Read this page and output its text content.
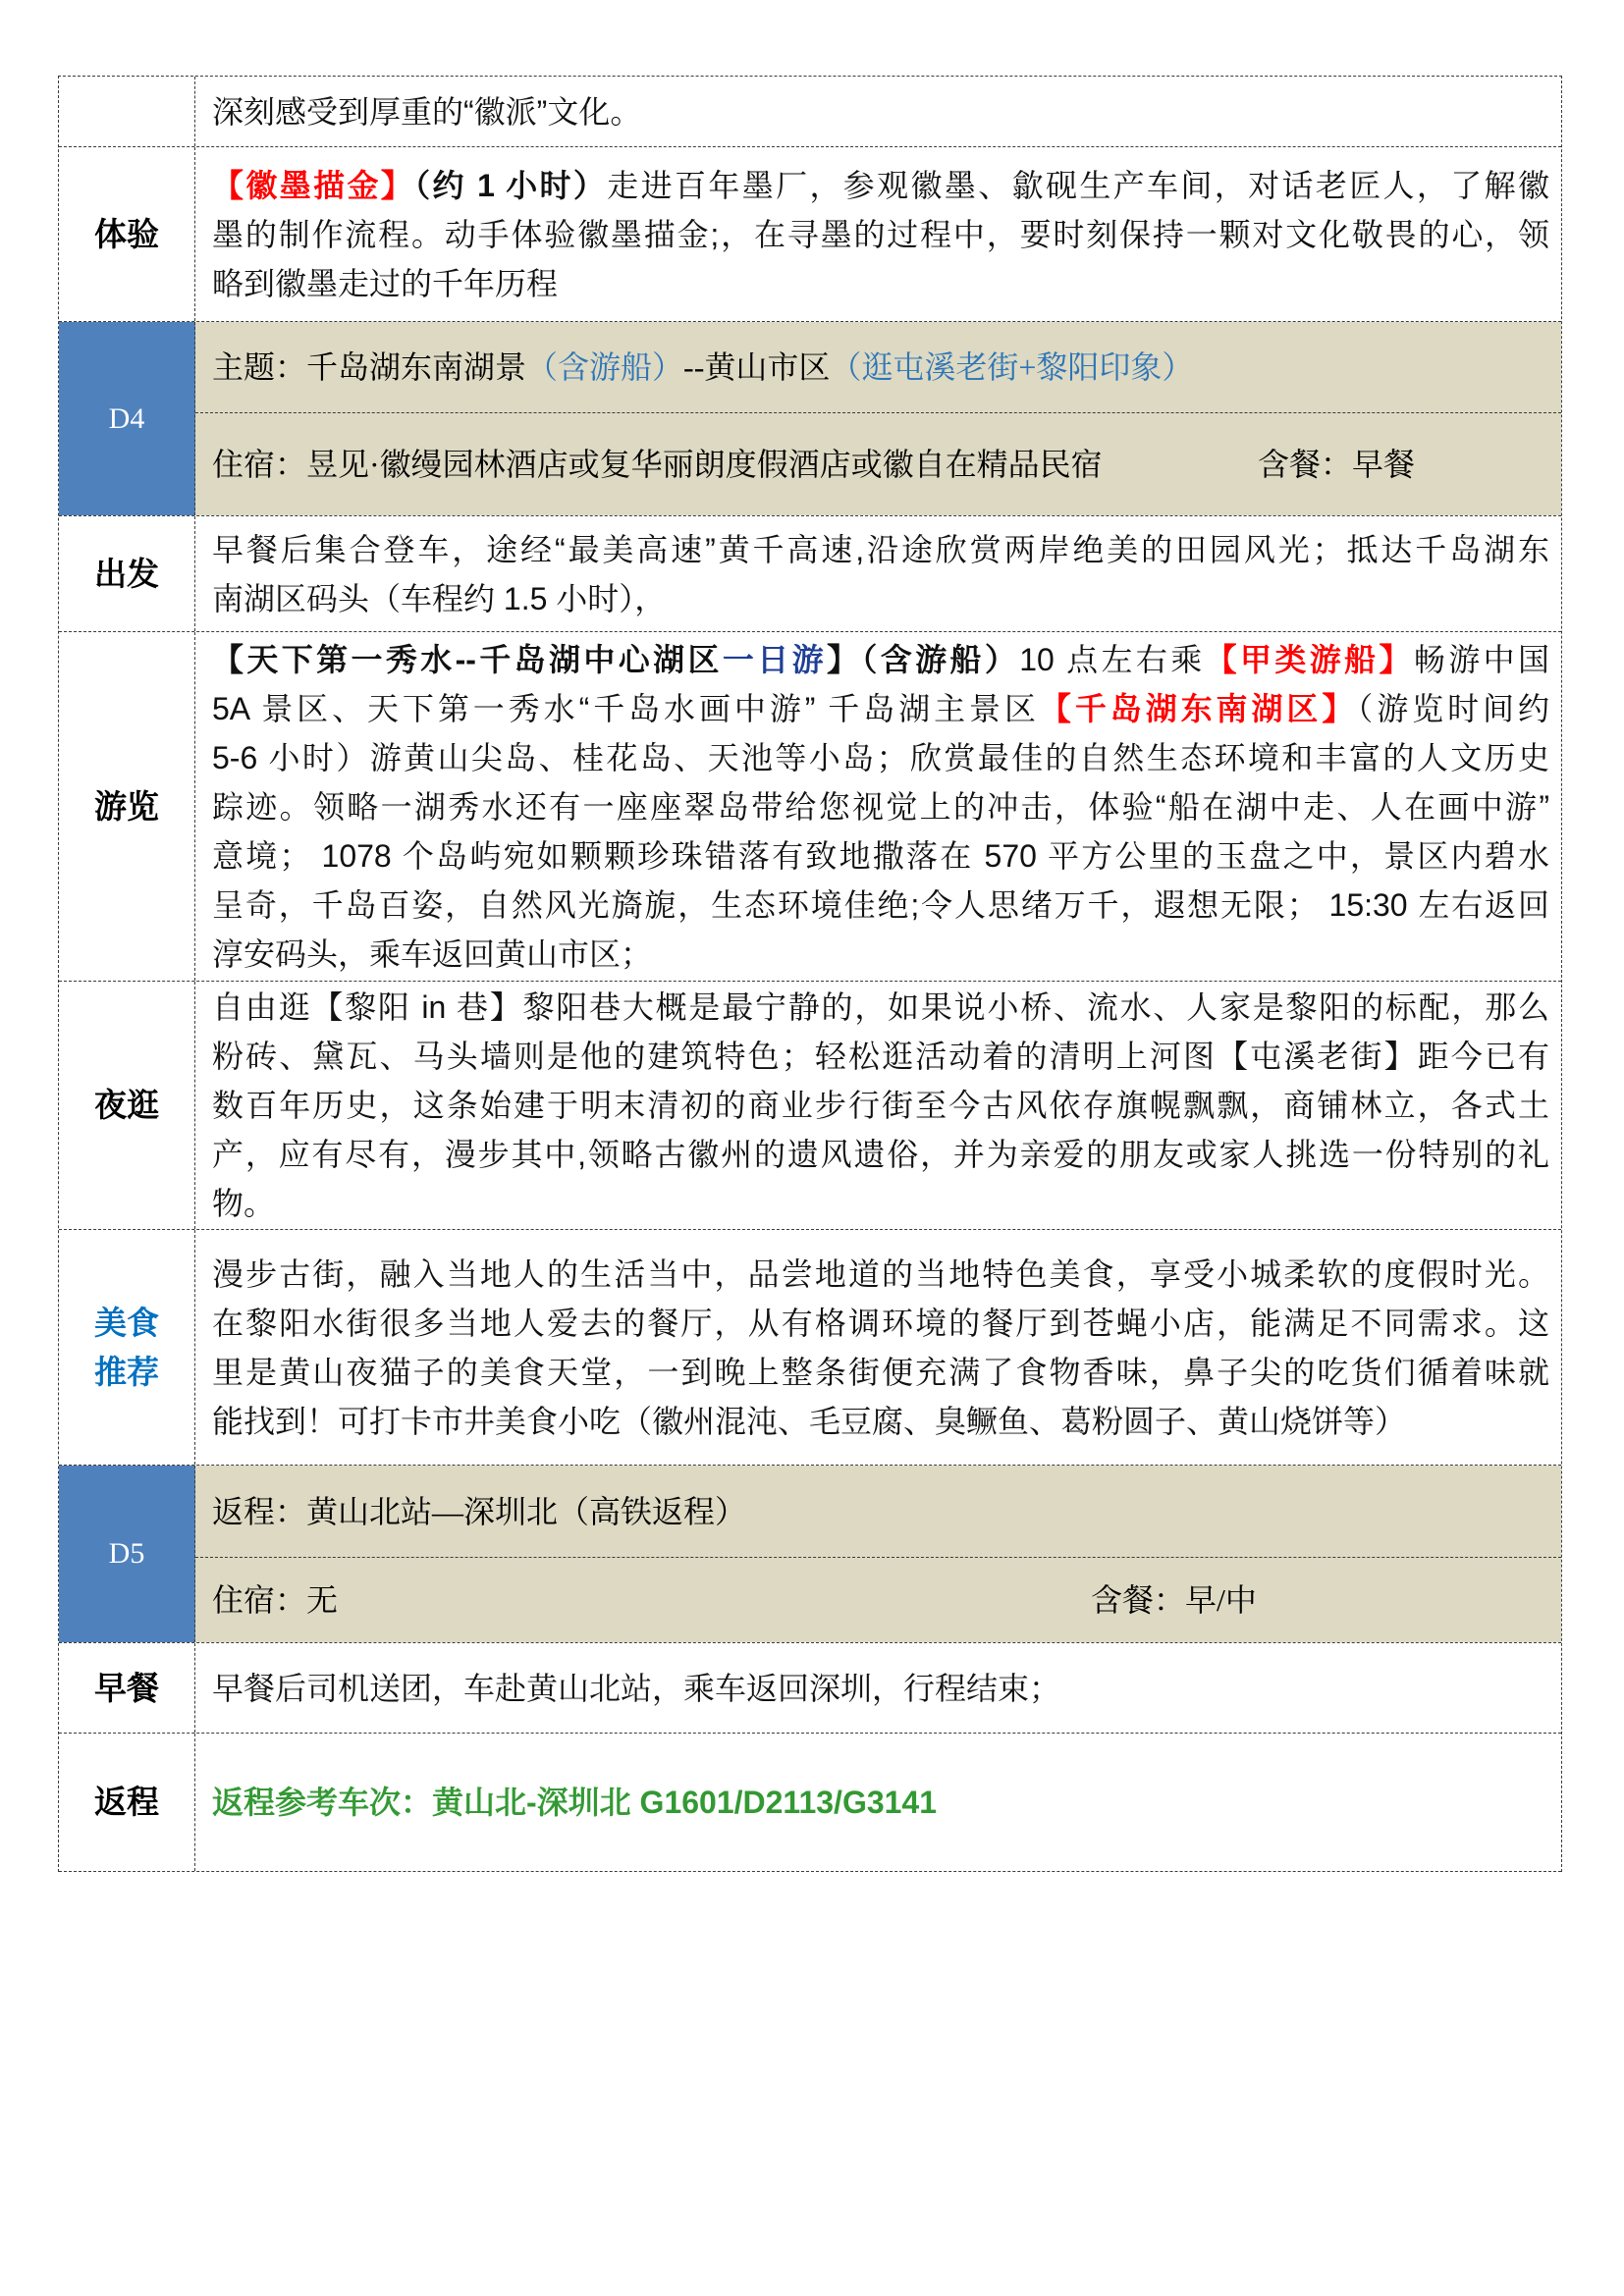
深刻感受到厚重的“徽派”文化。
体验
【徽墨描金】（约 1 小时）走进百年墨厂，参观徽墨、歙砚生产车间，对话老匠人，了解徽
墨的制作流程。动手体验徽墨描金;，在寻墨的过程中，要时刻保持一颗对文化敬畏的心，领
略到徽墨走过的千年历程
D4
主题：千岛湖东南湖景（含游船）--黄山市区（逛屯溪老街+黎阳印象）
住宿：昱见·徽缦园林酒店或复华丽朗度假酒店或徽自在精品民宿	含餐：早餐
出发
早餐后集合登车，途经“最美高速”黄千高速,沿途欣赏两岸绝美的田园风光；抵达千岛湖东
南湖区码头（车程约 1.5 小时），
游览
【天下第一秀水--千岛湖中心湖区一日游】（含游船）10 点左右乘【甲类游船】畅游中国
5A 景区、天下第一秀水“千岛水画中游” 千岛湖主景区【千岛湖东南湖区】（游览时间约
5-6 小时）游黄山尖岛、桂花岛、天池等小岛；欣赏最佳的自然生态环境和丰富的人文历史
踪迹。领略一湖秀水还有一座座翠岛带给您视觉上的冲击，体验“船在湖中走、人在画中游”
意境； 1078 个岛屿宛如颗颗珍珠错落有致地撒落在 570 平方公里的玉盘之中，景区内碧水
呈奇，千岛百姿，自然风光旖旎，生态环境佳绝;令人思绪万千，遐想无限； 15:30 左右返回
淳安码头，乘车返回黄山市区；
夜逛
自由逛【黎阳 in 巷】黎阳巷大概是最宁静的，如果说小桥、流水、人家是黎阳的标配，那么
粉砖、黛瓦、马头墙则是他的建筑特色；轻松逛活动着的清明上河图【屯溪老街】距今已有
数百年历史，这条始建于明末清初的商业步行街至今古风依存旗幌飘飘，商铺林立，各式土
产，应有尽有，漫步其中,领略古徽州的遗风遗俗，并为亲爱的朋友或家人挑选一份特别的礼
物。
美食推荐
漫步古街，融入当地人的生活当中，品尝地道的当地特色美食，享受小城柔软的度假时光。
在黎阳水街很多当地人爱去的餐厅，从有格调环境的餐厅到苍蝇小店，能满足不同需求。这
里是黄山夜猫子的美食天堂，一到晚上整条街便充满了食物香味，鼻子尖的吃货们循着味就
能找到！可打卡市井美食小吃（徽州混沌、毛豆腐、臭鳜鱼、葛粉圆子、黄山烧饼等）
D5
返程：黄山北站—深圳北（高铁返程）
住宿：无	含餐：早/中
早餐 早餐后司机送团，车赴黄山北站，乘车返回深圳，行程结束；
返程 返程参考车次：黄山北-深圳北 G1601/D2113/G3141
